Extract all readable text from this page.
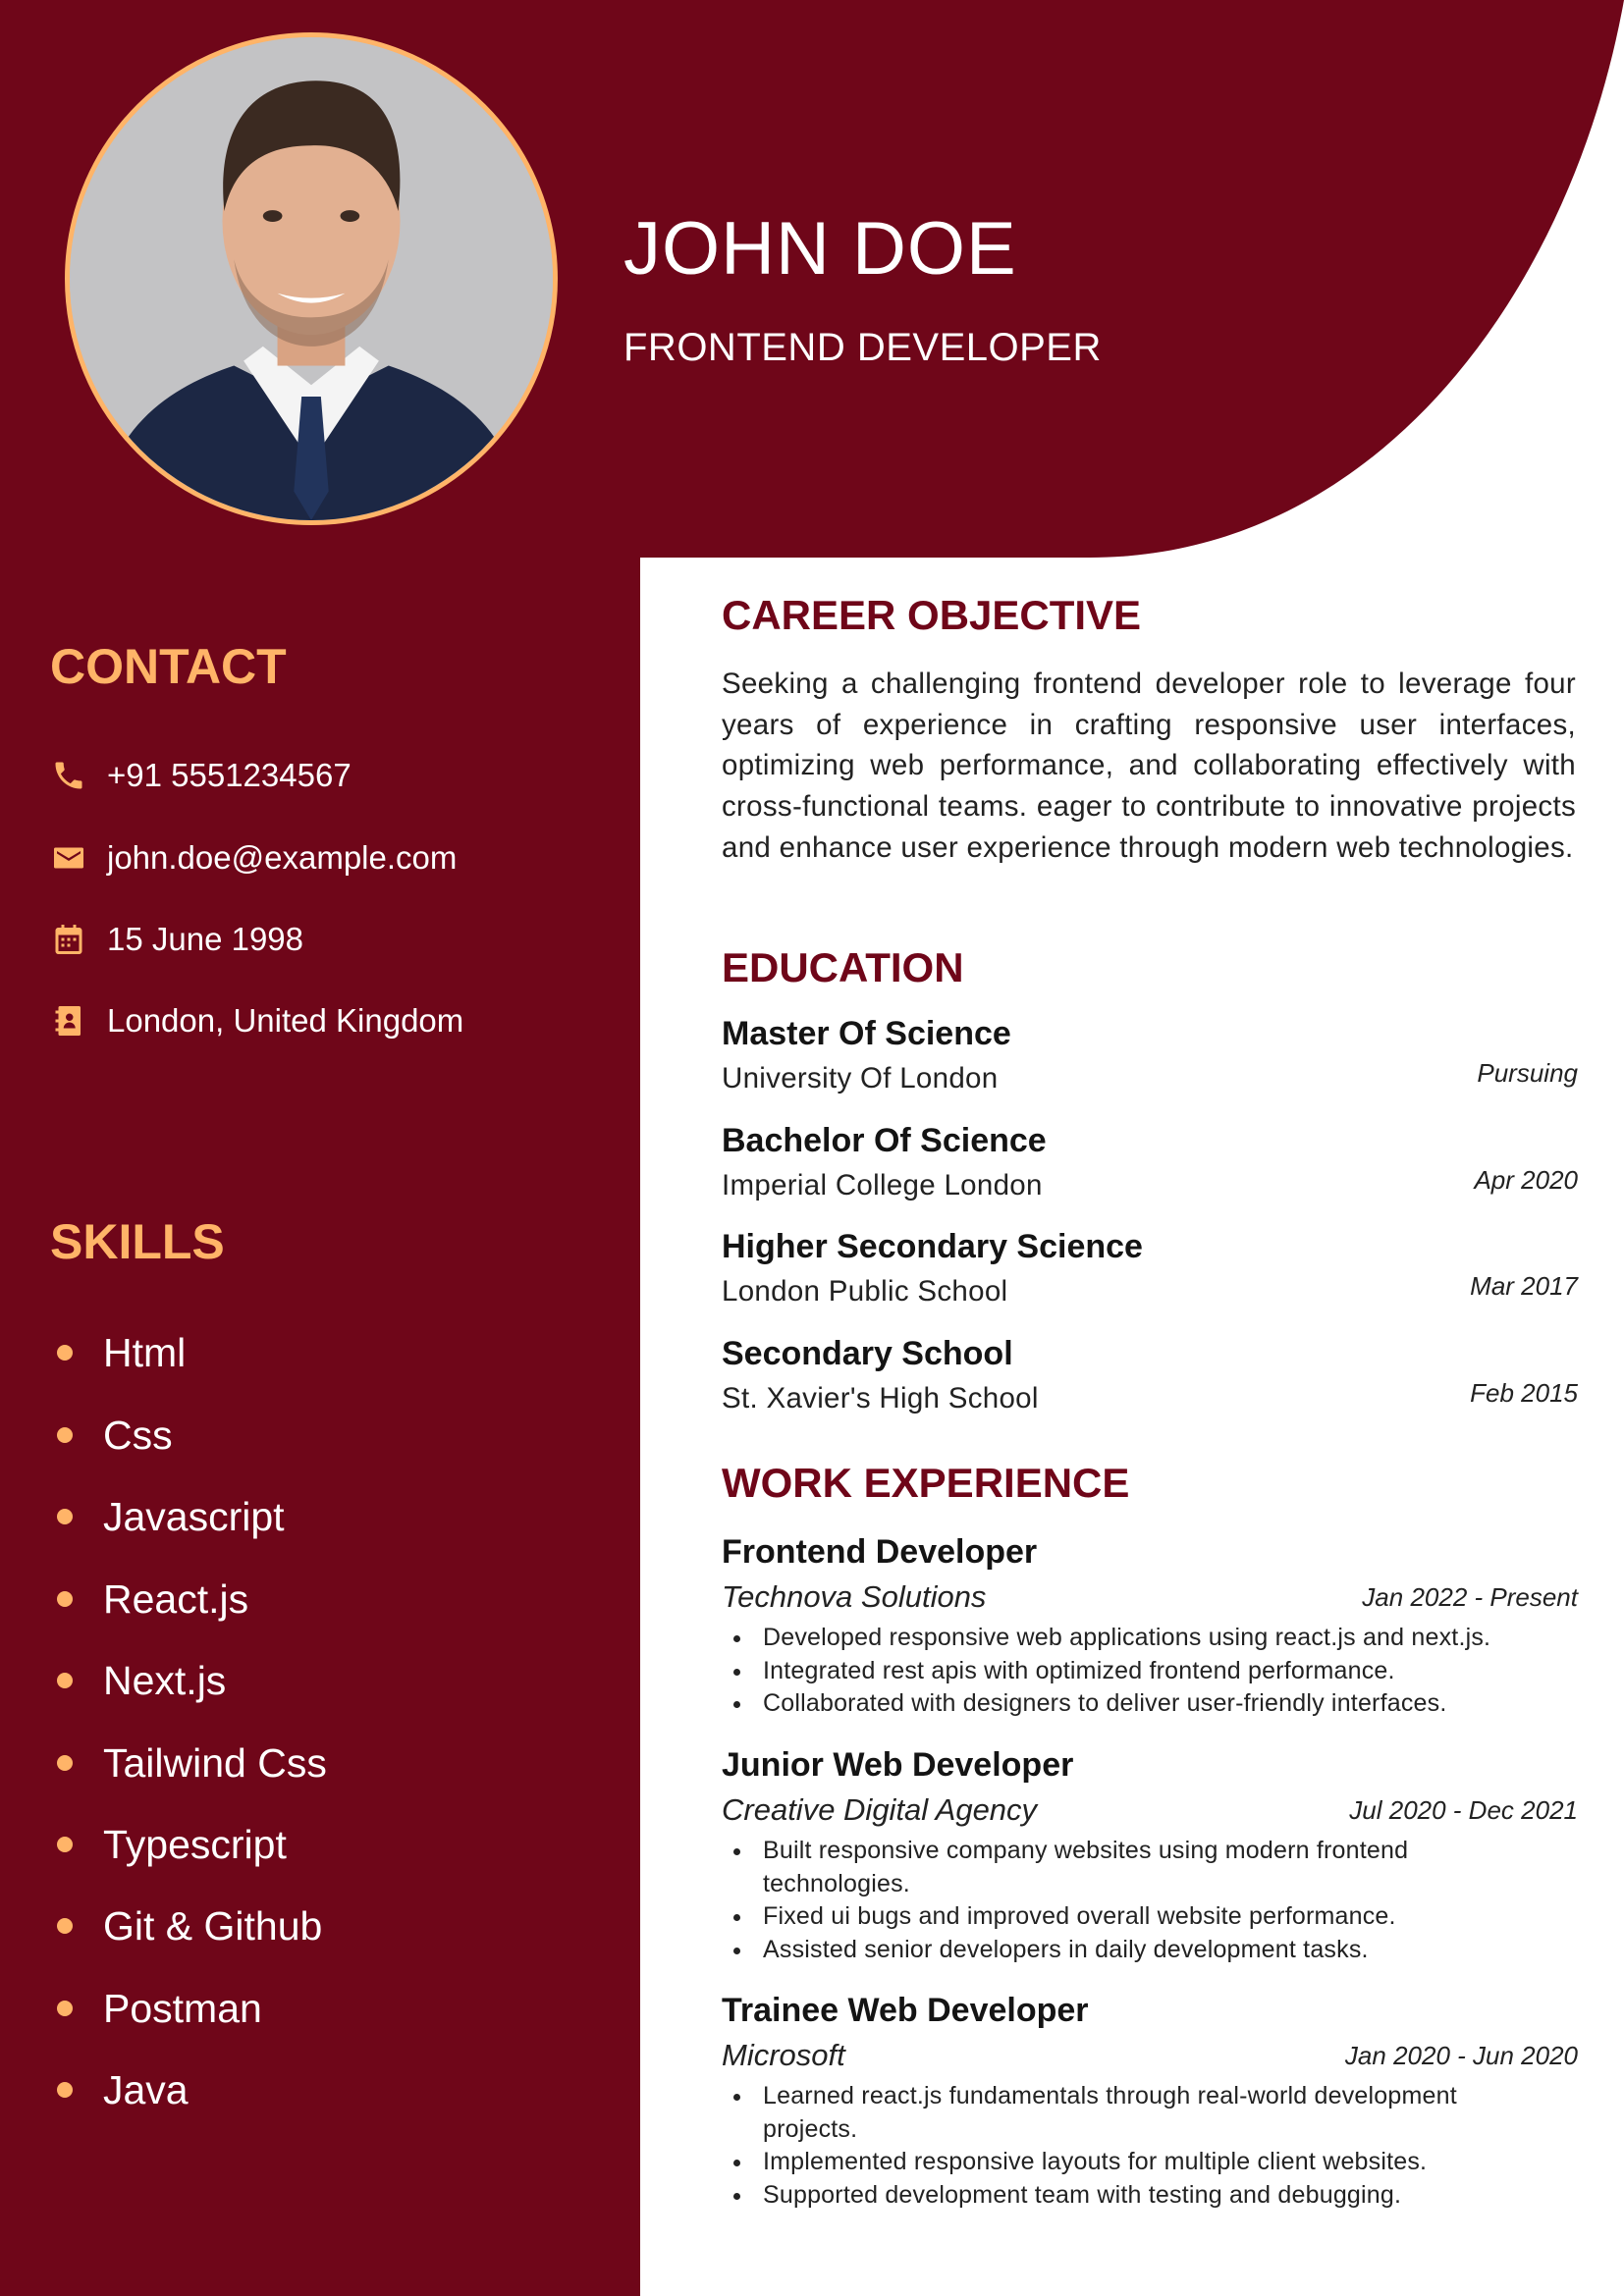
JOHN DOE
FRONTEND DEVELOPER
CONTACT
+91 5551234567
john.doe@example.com
15 June 1998
London, United Kingdom
SKILLS
Html
Css
Javascript
React.js
Next.js
Tailwind Css
Typescript
Git & Github
Postman
Java
CAREER OBJECTIVE
Seeking a challenging frontend developer role to leverage four years of experience in crafting responsive user interfaces, optimizing web performance, and collaborating effectively with cross-functional teams. eager to contribute to innovative projects and enhance user experience through modern web technologies.
EDUCATION
Master Of Science
University Of London	Pursuing
Bachelor Of Science
Imperial College London	Apr 2020
Higher Secondary Science
London Public School	Mar 2017
Secondary School
St. Xavier's High School	Feb 2015
WORK EXPERIENCE
Frontend Developer
Technova Solutions	Jan 2022 - Present
Developed responsive web applications using react.js and next.js.
Integrated rest apis with optimized frontend performance.
Collaborated with designers to deliver user-friendly interfaces.
Junior Web Developer
Creative Digital Agency	Jul 2020 - Dec 2021
Built responsive company websites using modern frontend technologies.
Fixed ui bugs and improved overall website performance.
Assisted senior developers in daily development tasks.
Trainee Web Developer
Microsoft	Jan 2020 - Jun 2020
Learned react.js fundamentals through real-world development projects.
Implemented responsive layouts for multiple client websites.
Supported development team with testing and debugging.
